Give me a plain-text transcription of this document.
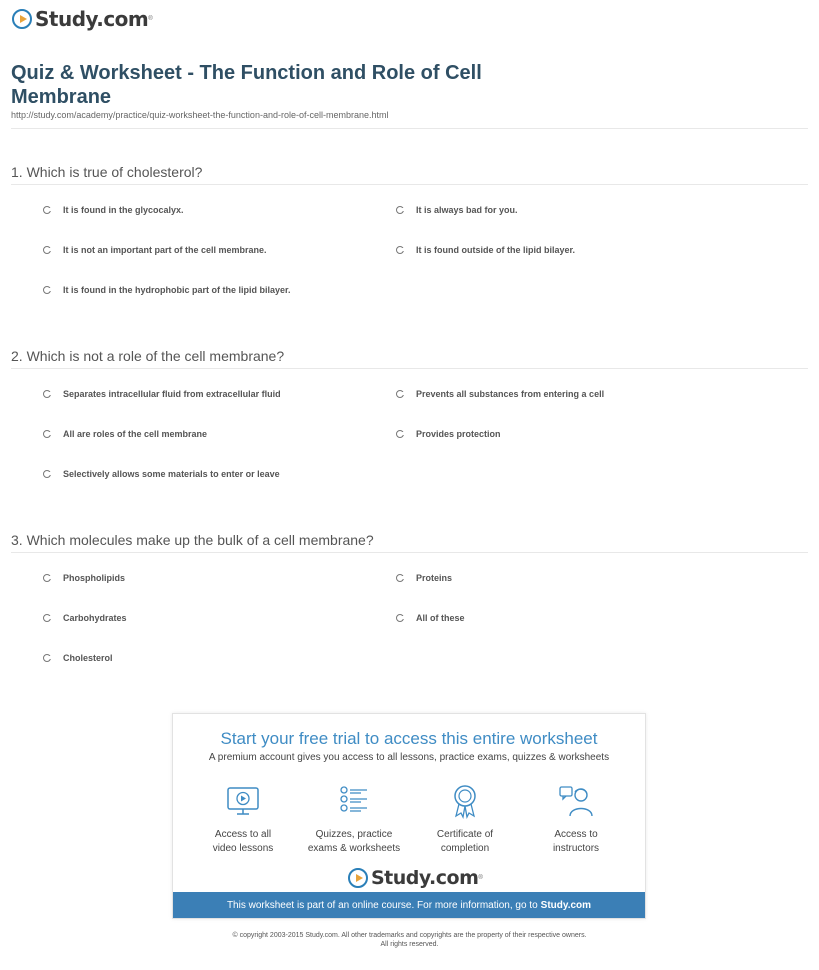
Study.com ®
Quiz & Worksheet - The Function and Role of Cell Membrane
http://study.com/academy/practice/quiz-worksheet-the-function-and-role-of-cell-membrane.html
1. Which is true of cholesterol?
It is found in the glycocalyx.	It is always bad for you.
It is not an important part of the cell membrane.	It is found outside of the lipid bilayer.
It is found in the hydrophobic part of the lipid bilayer.
2. Which is not a role of the cell membrane?
Separates intracellular fluid from extracellular fluid	Prevents all substances from entering a cell
All are roles of the cell membrane	Provides protection
Selectively allows some materials to enter or leave
3. Which molecules make up the bulk of a cell membrane?
Phospholipids	Proteins
Carbohydrates	All of these
Cholesterol
Start your free trial to access this entire worksheet
A premium account gives you access to all lessons, practice exams, quizzes & worksheets
Access to all
video lessons
Quizzes, practice
exams & worksheets
Certificate of
completion
Access to
instructors
Study.com ®
This worksheet is part of an online course. For more information, go to Study.com
© copyright 2003-2015 Study.com. All other trademarks and copyrights are the property of their respective owners.
All rights reserved.
